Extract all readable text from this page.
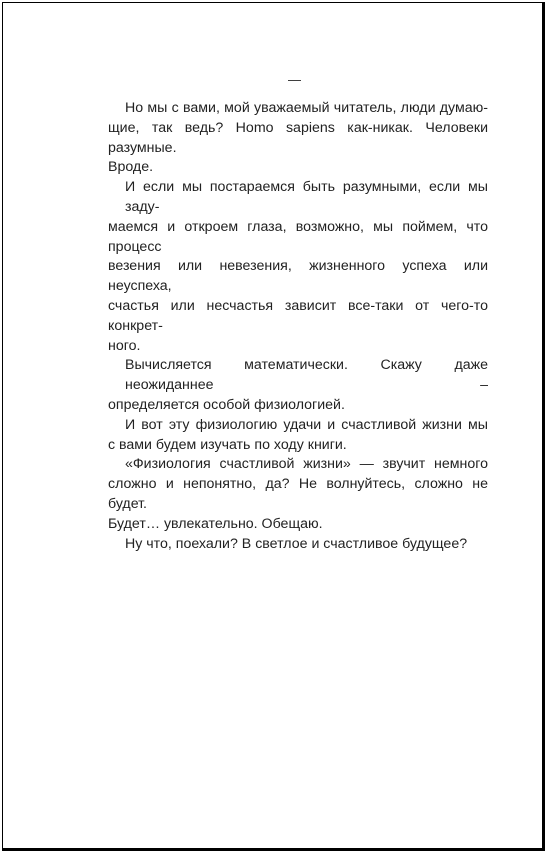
—

Но мы с вами, мой уважаемый читатель, люди думаю-
щие, так ведь? Homo sapiens как-никак. Человеки разумные.
Вроде.

И если мы постараемся быть разумными, если мы заду-
маемся и откроем глаза, возможно, мы поймем, что процесс
везения или невезения, жизненного успеха или неуспеха,
счастья или несчастья зависит все-таки от чего-то конкрет-
ного.

Вычисляется математически. Скажу даже неожиданнее –
определяется особой физиологией.

И вот эту физиологию удачи и счастливой жизни мы
с вами будем изучать по ходу книги.

«Физиология счастливой жизни» — звучит немного
сложно и непонятно, да? Не волнуйтесь, сложно не будет.
Будет… увлекательно. Обещаю.

Ну что, поехали? В светлое и счастливое будущее?
